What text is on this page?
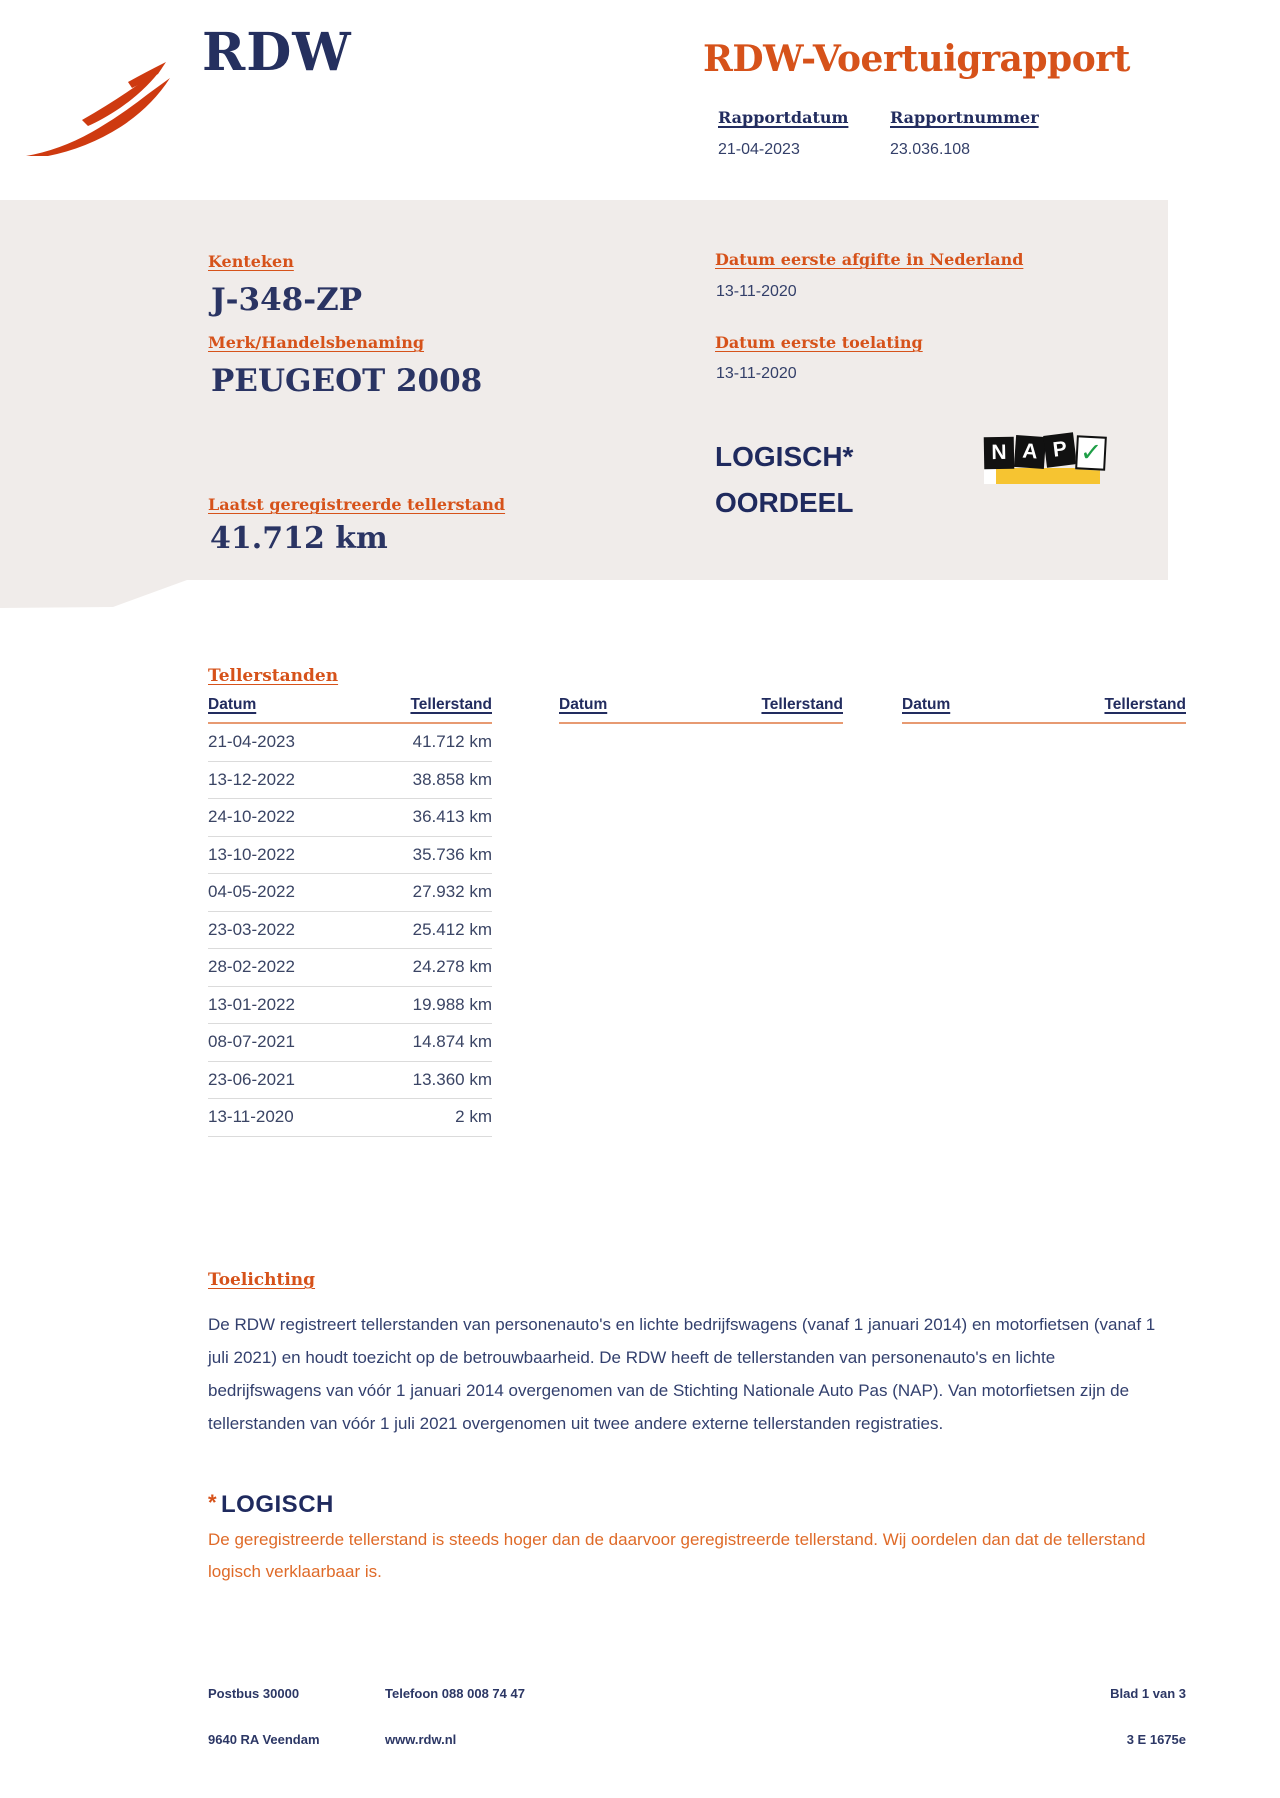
RDW	RDW-Voertuigrapport
Rapportdatum
21-04-2023
Rapportnummer
23.036.108
Kenteken
J-348-ZP
Merk/Handelsbenaming
PEUGEOT 2008
Datum eerste afgifte in Nederland
13-11-2020
Datum eerste toelating
13-11-2020
LOGISCH*
OORDEEL
N A P ✓
Laatst geregistreerde tellerstand
41.712 km
Tellerstanden
Datum	Tellerstand
21-04-2023	41.712 km
13-12-2022	38.858 km
24-10-2022	36.413 km
13-10-2022	35.736 km
04-05-2022	27.932 km
23-03-2022	25.412 km
28-02-2022	24.278 km
13-01-2022	19.988 km
08-07-2021	14.874 km
23-06-2021	13.360 km
13-11-2020	2 km
Datum	Tellerstand	Datum	Tellerstand
Toelichting
De RDW registreert tellerstanden van personenauto's en lichte bedrijfswagens (vanaf 1 januari 2014) en motorfietsen (vanaf 1 juli 2021) en houdt toezicht op de betrouwbaarheid. De RDW heeft de tellerstanden van personenauto's en lichte bedrijfswagens van vóór 1 januari 2014 overgenomen van de Stichting Nationale Auto Pas (NAP). Van motorfietsen zijn de tellerstanden van vóór 1 juli 2021 overgenomen uit twee andere externe tellerstanden registraties.
* LOGISCH
De geregistreerde tellerstand is steeds hoger dan de daarvoor geregistreerde tellerstand. Wij oordelen dan dat de tellerstand logisch verklaarbaar is.
Postbus 30000	Telefoon 088 008 74 47	Blad 1 van 3
9640 RA Veendam	www.rdw.nl	3 E 1675e
